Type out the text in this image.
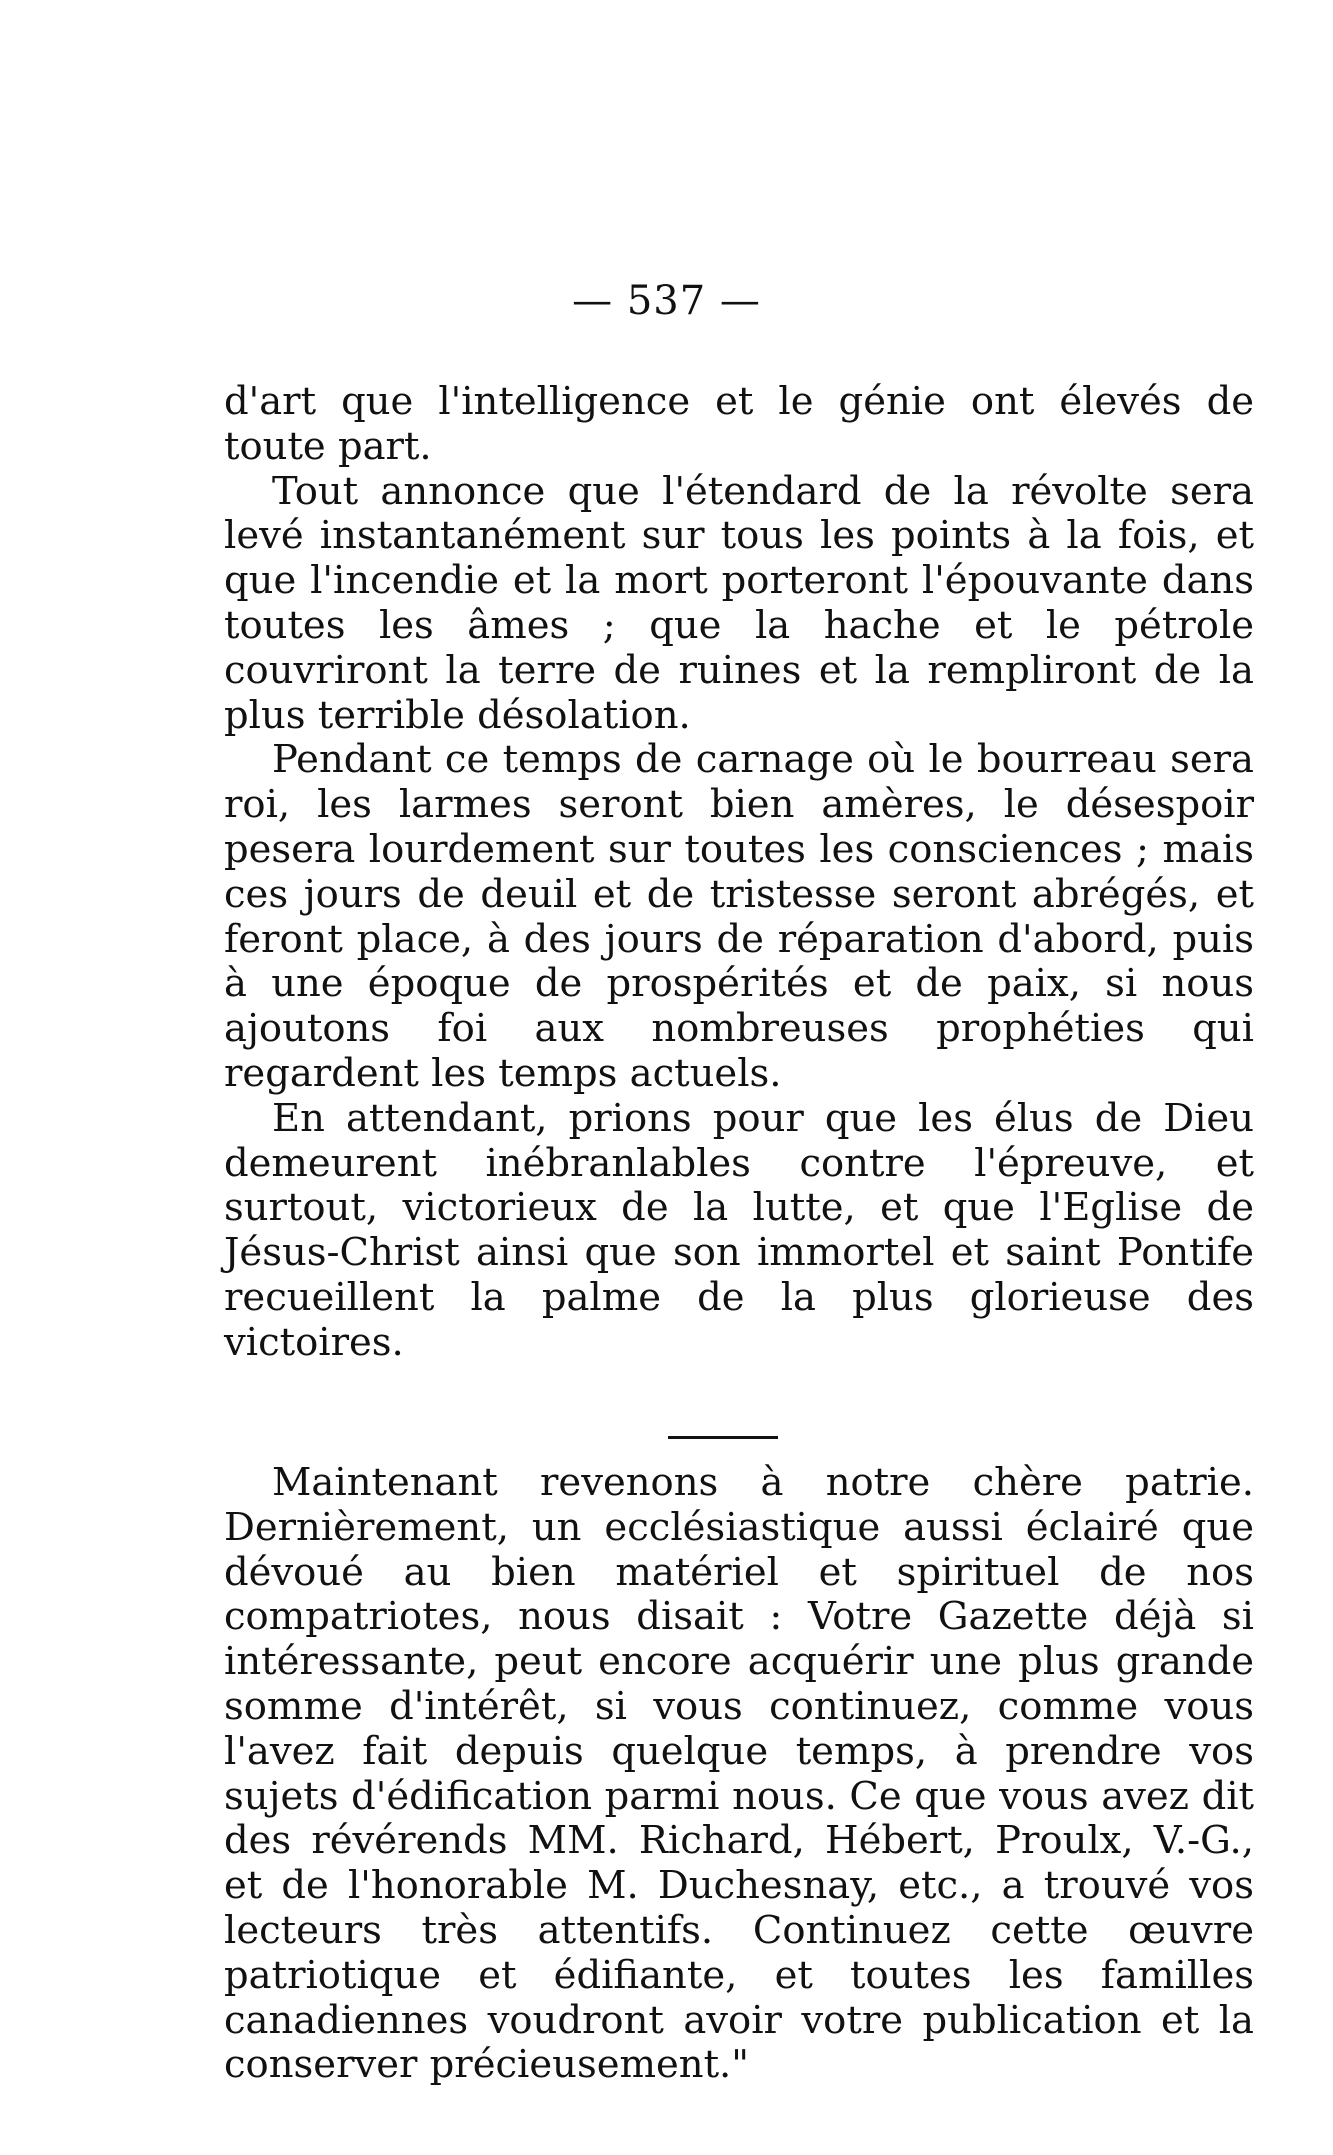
— 537 —

d'art que l'intelligence et le génie ont élevés de toute part.

Tout annonce que l'étendard de la révolte sera levé instantanément sur tous les points à la fois, et que l'incendie et la mort porteront l'épouvante dans toutes les âmes ; que la hache et le pétrole couvriront la terre de ruines et la rempliront de la plus terrible désolation.

Pendant ce temps de carnage où le bourreau sera roi, les larmes seront bien amères, le désespoir pesera lourdement sur toutes les consciences ; mais ces jours de deuil et de tristesse seront abrégés, et feront place, à des jours de réparation d'abord, puis à une époque de prospérités et de paix, si nous ajoutons foi aux nombreuses prophéties qui regardent les temps actuels.

En attendant, prions pour que les élus de Dieu demeurent inébranlables contre l'épreuve, et surtout, victorieux de la lutte, et que l'Eglise de Jésus-Christ ainsi que son immortel et saint Pontife recueillent la palme de la plus glorieuse des victoires.

Maintenant revenons à notre chère patrie. Dernièrement, un ecclésiastique aussi éclairé que dévoué au bien matériel et spirituel de nos compatriotes, nous disait : Votre Gazette déjà si intéressante, peut encore acquérir une plus grande somme d'intérêt, si vous continuez, comme vous l'avez fait depuis quelque temps, à prendre vos sujets d'édification parmi nous. Ce que vous avez dit des révérends MM. Richard, Hébert, Proulx, V.-G., et de l'honorable M. Duchesnay, etc., a trouvé vos lecteurs très attentifs. Continuez cette œuvre patriotique et édifiante, et toutes les familles canadiennes voudront avoir votre publication et la conserver précieusement."
